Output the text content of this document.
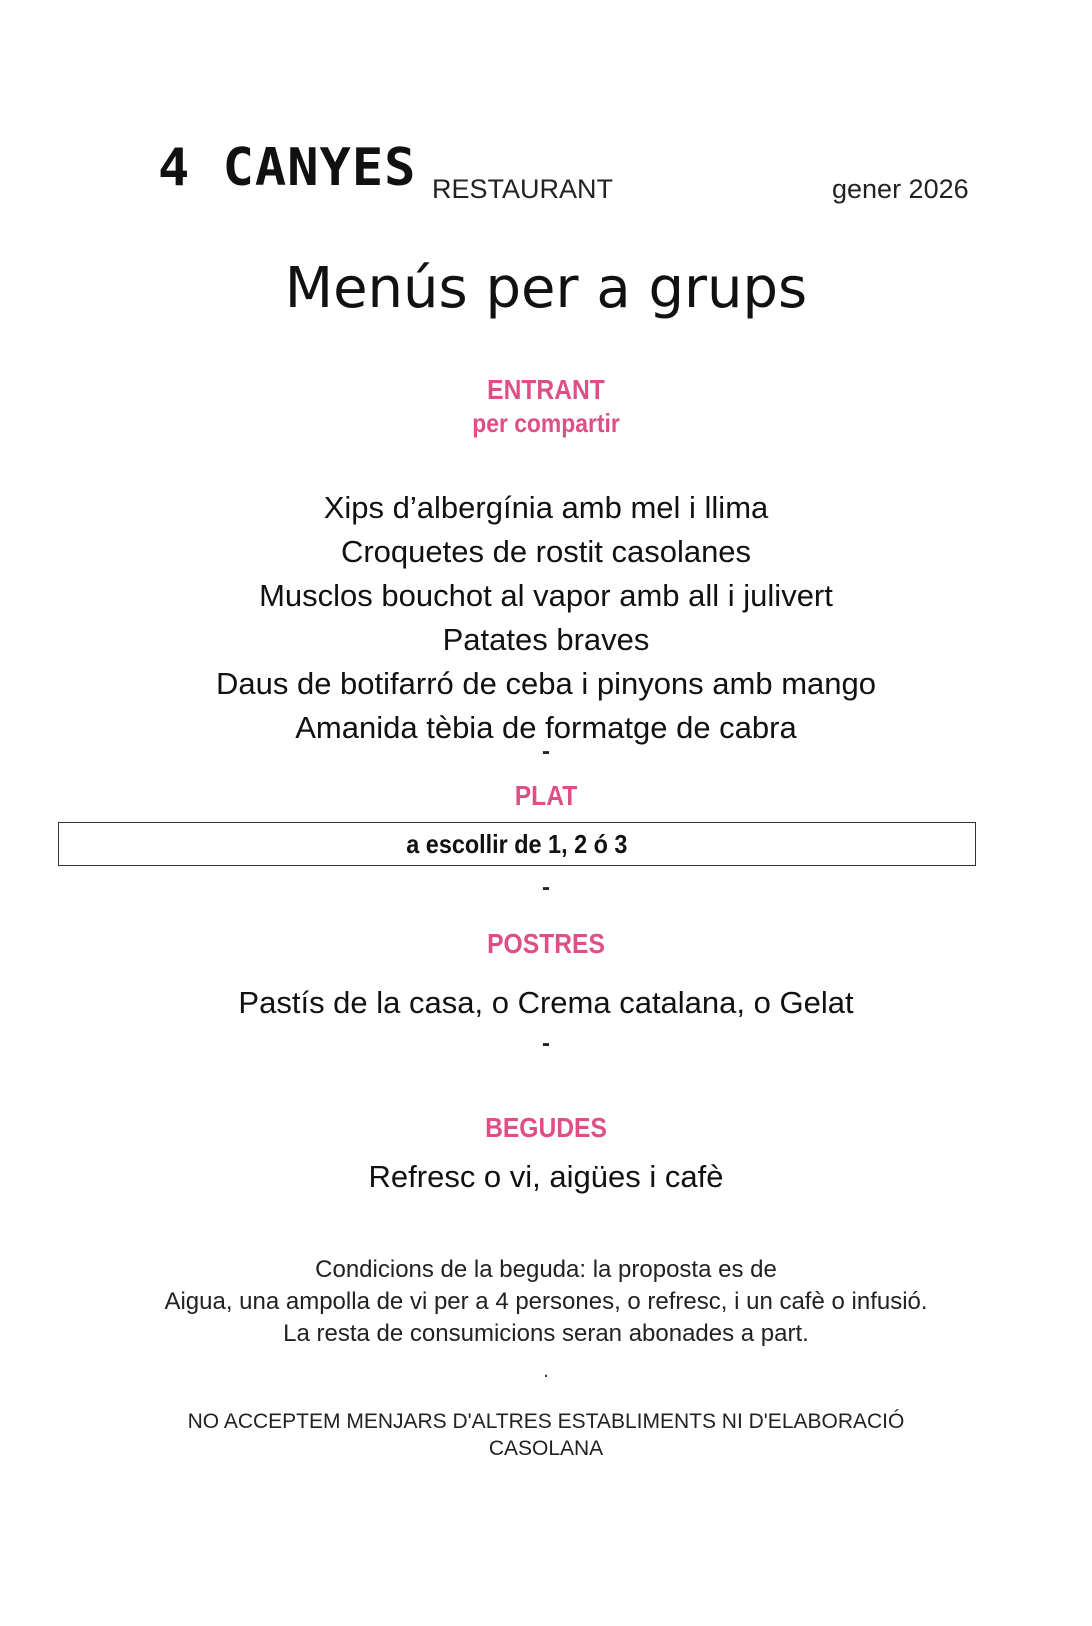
4 CANYES RESTAURANT	gener 2026
Menús per a grups
ENTRANT
per compartir
Xips d’albergínia amb mel i llima
Croquetes de rostit casolanes
Musclos bouchot al vapor amb all i julivert
Patates braves
Daus de botifarró de ceba i pinyons amb mango
Amanida tèbia de formatge de cabra
-
PLAT
a escollir de 1, 2 ó 3
-
POSTRES
Pastís de la casa, o Crema catalana, o Gelat
-
BEGUDES
Refresc o vi, aigües i cafè
Condicions de la beguda: la proposta es de
Aigua, una ampolla de vi per a 4 persones, o refresc, i un cafè o infusió.
La resta de consumicions seran abonades a part.
.
NO ACCEPTEM MENJARS D'ALTRES ESTABLIMENTS NI D'ELABORACIÓ
CASOLANA
